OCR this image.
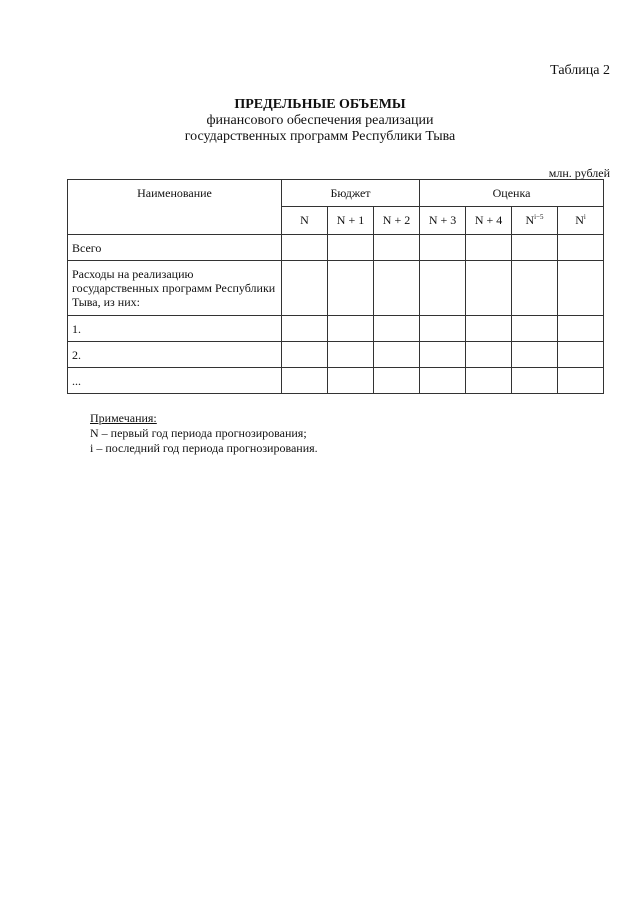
Таблица 2
ПРЕДЕЛЬНЫЕ ОБЪЕМЫ
финансового обеспечения реализации
государственных программ Республики Тыва
млн. рублей
Наименование	Бюджет			Оценка			
	N	N + 1	N + 2	N + 3	N + 4	$N^{i-5}$	$N^i$
Всего							
Расходы на реализацию государственных программ Республики Тыва, из них:							
1.							
2.							
...							
Примечания:
N – первый год периода прогнозирования;
i – последний год периода прогнозирования.
